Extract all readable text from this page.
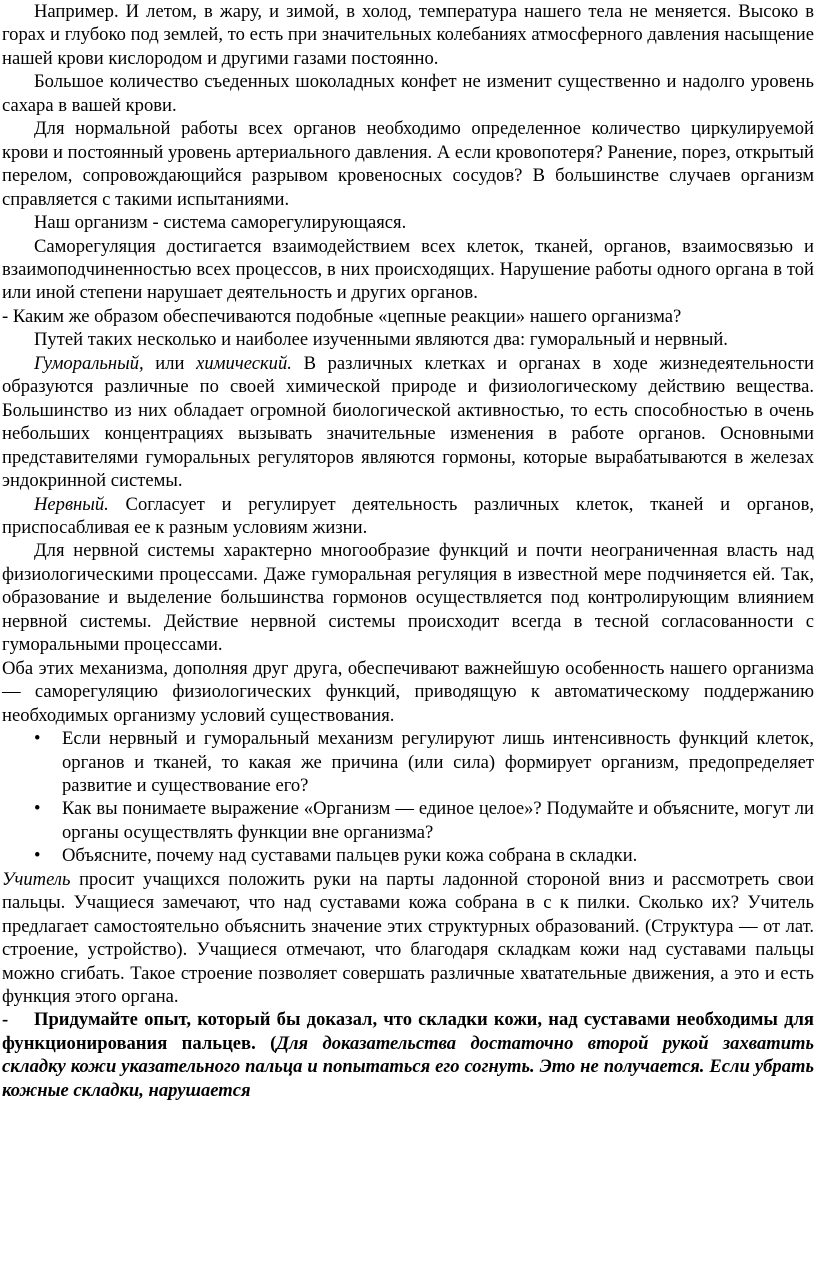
Например. И летом, в жару, и зимой, в холод, температура нашего тела не меняется. Высоко в горах и глубоко под землей, то есть при значительных колебаниях атмосферного давления насыщение нашей крови кислородом и другими газами постоянно.

Большое количество съеденных шоколадных конфет не изменит существенно и надолго уровень сахара в вашей крови.

Для нормальной работы всех органов необходимо определенное количество циркулируемой крови и постоянный уровень артериального давления. А если кровопотеря? Ранение, порез, открытый перелом, сопровождающийся разрывом кровеносных сосудов? В большинстве случаев организм справляется с такими испытаниями.

Наш организм - система саморегулирующаяся.

Саморегуляция достигается взаимодействием всех клеток, тканей, органов, взаимосвязью и взаимоподчиненностью всех процессов, в них происходящих. Нарушение работы одного органа в той или иной степени нарушает деятельность и других органов.

- Каким же образом обеспечиваются подобные «цепные реакции» нашего организма?

Путей таких несколько и наиболее изученными являются два: гуморальный и нервный.

Гуморальный, или химический. В различных клетках и органах в ходе жизнедеятельности образуются различные по своей химической природе и физиологическому действию вещества. Большинство из них обладает огромной биологической активностью, то есть способностью в очень небольших концентрациях вызывать значительные изменения в работе органов. Основными представителями гуморальных регуляторов являются гормоны, которые вырабатываются в железах эндокринной системы.

Нервный. Согласует и регулирует деятельность различных клеток, тканей и органов, приспосабливая ее к разным условиям жизни.

Для нервной системы характерно многообразие функций и почти неограниченная власть над физиологическими процессами. Даже гуморальная регуляция в известной мере подчиняется ей. Так, образование и выделение большинства гормонов осуществляется под контролирующим влиянием нервной системы. Действие нервной системы происходит всегда в тесной согласованности с гуморальными процессами.

Оба этих механизма, дополняя друг друга, обеспечивают важнейшую особенность нашего организма — саморегуляцию физиологических функций, приводящую к автоматическому поддержанию необходимых организму условий существования.

• Если нервный и гуморальный механизм регулируют лишь интенсивность функций клеток, органов и тканей, то какая же причина (или сила) формирует организм, предопределяет развитие и существование его?
• Как вы понимаете выражение «Организм — единое целое»? Подумайте и объясните, могут ли органы осуществлять функции вне организма?
• Объясните, почему над суставами пальцев руки кожа собрана в складки.

Учитель просит учащихся положить руки на парты ладонной стороной вниз и рассмотреть свои пальцы. Учащиеся замечают, что над суставами кожа собрана в с к пилки. Сколько их? Учитель предлагает самостоятельно объяснить значение этих структурных образований. (Структура — от лат. строение, устройство). Учащиеся отмечают, что благодаря складкам кожи над суставами пальцы можно сгибать. Такое строение позволяет совершать различные хватательные движения, а это и есть функция этого органа.

- Придумайте опыт, который бы доказал, что складки кожи, над суставами необходимы для функционирования пальцев. (Для доказательства достаточно второй рукой захватить складку кожи указательного пальца и попытаться его согнуть. Это не получается. Если убрать кожные складки, нарушается
